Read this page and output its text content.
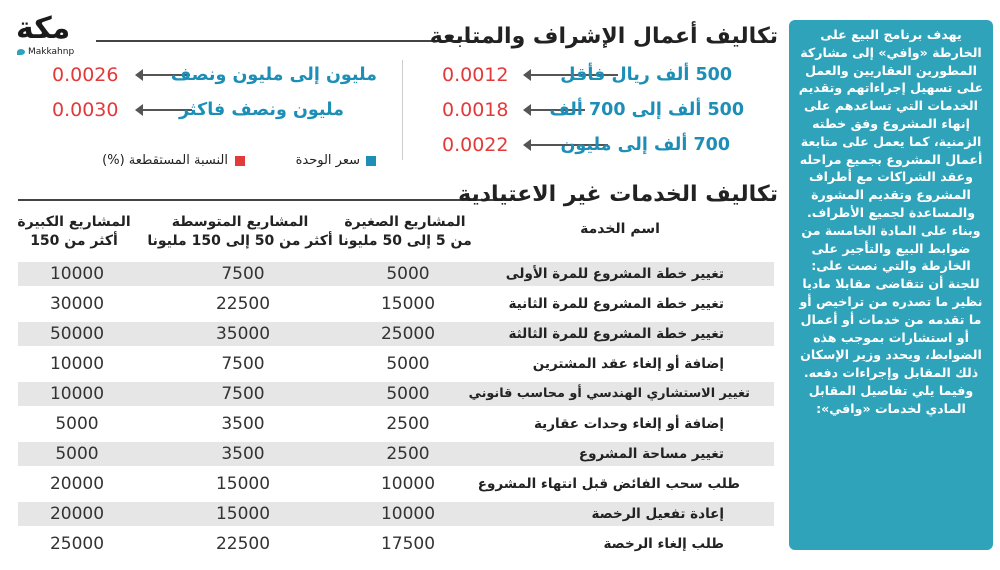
مكة
Makkahnp
يهدف برنامج البيع على الخارطة «وافي» إلى مشاركة المطورين العقاريين والعمل على تسهيل إجراءاتهم وتقديم الخدمات التي تساعدهم على إنهاء المشروع وفق خطته الزمنية، كما يعمل على متابعة أعمال المشروع بجميع مراحله وعقد الشراكات مع أطراف المشروع وتقديم المشورة والمساعدة لجميع الأطراف. وبناء على المادة الخامسة من ضوابط البيع والتأجير على الخارطة والتي نصت على: للجنة أن تتقاضى مقابلا ماديا نظير ما تصدره من تراخيص أو ما تقدمه من خدمات أو أعمال أو استشارات بموجب هذه الضوابط، ويحدد وزير الإسكان ذلك المقابل وإجراءات دفعه. وفيما يلي تفاصيل المقابل المادي لخدمات «وافي»:
تكاليف أعمال الإشراف والمتابعة
0.0012	500 ألف ريال فأقل
0.0018 500 ألف إلى 700 ألف
0.0022	700 ألف إلى مليون
0.0026	مليون إلى مليون ونصف
0.0030	مليون ونصف فاكثر
سعر الوحدة
النسبة المستقطعة (%)
تكاليف الخدمات غير الاعتيادية
اسم الخدمة
المشاريع الصغيرة
من 5 إلى 50 مليونا
المشاريع المتوسطة
أكثر من 50 إلى 150 مليونا
المشاريع الكبيرة
أكثر من 150
10000	7500	5000	تغيير خطة المشروع للمرة الأولى
30000	22500	15000	تغيير خطة المشروع للمرة الثانية
50000	35000	25000	تغيير خطة المشروع للمرة الثالثة
10000	7500	5000	إضافة أو إلغاء عقد المشترين
10000	7500	5000	تغيير الاستشاري الهندسي أو محاسب قانوني
5000	3500	2500	إضافة أو إلغاء وحدات عقارية
5000	3500	2500	تغيير مساحة المشروع
20000	15000	10000	طلب سحب الفائض قبل انتهاء المشروع
20000	15000	10000	إعادة تفعيل الرخصة
25000	22500	17500	طلب إلغاء الرخصة
